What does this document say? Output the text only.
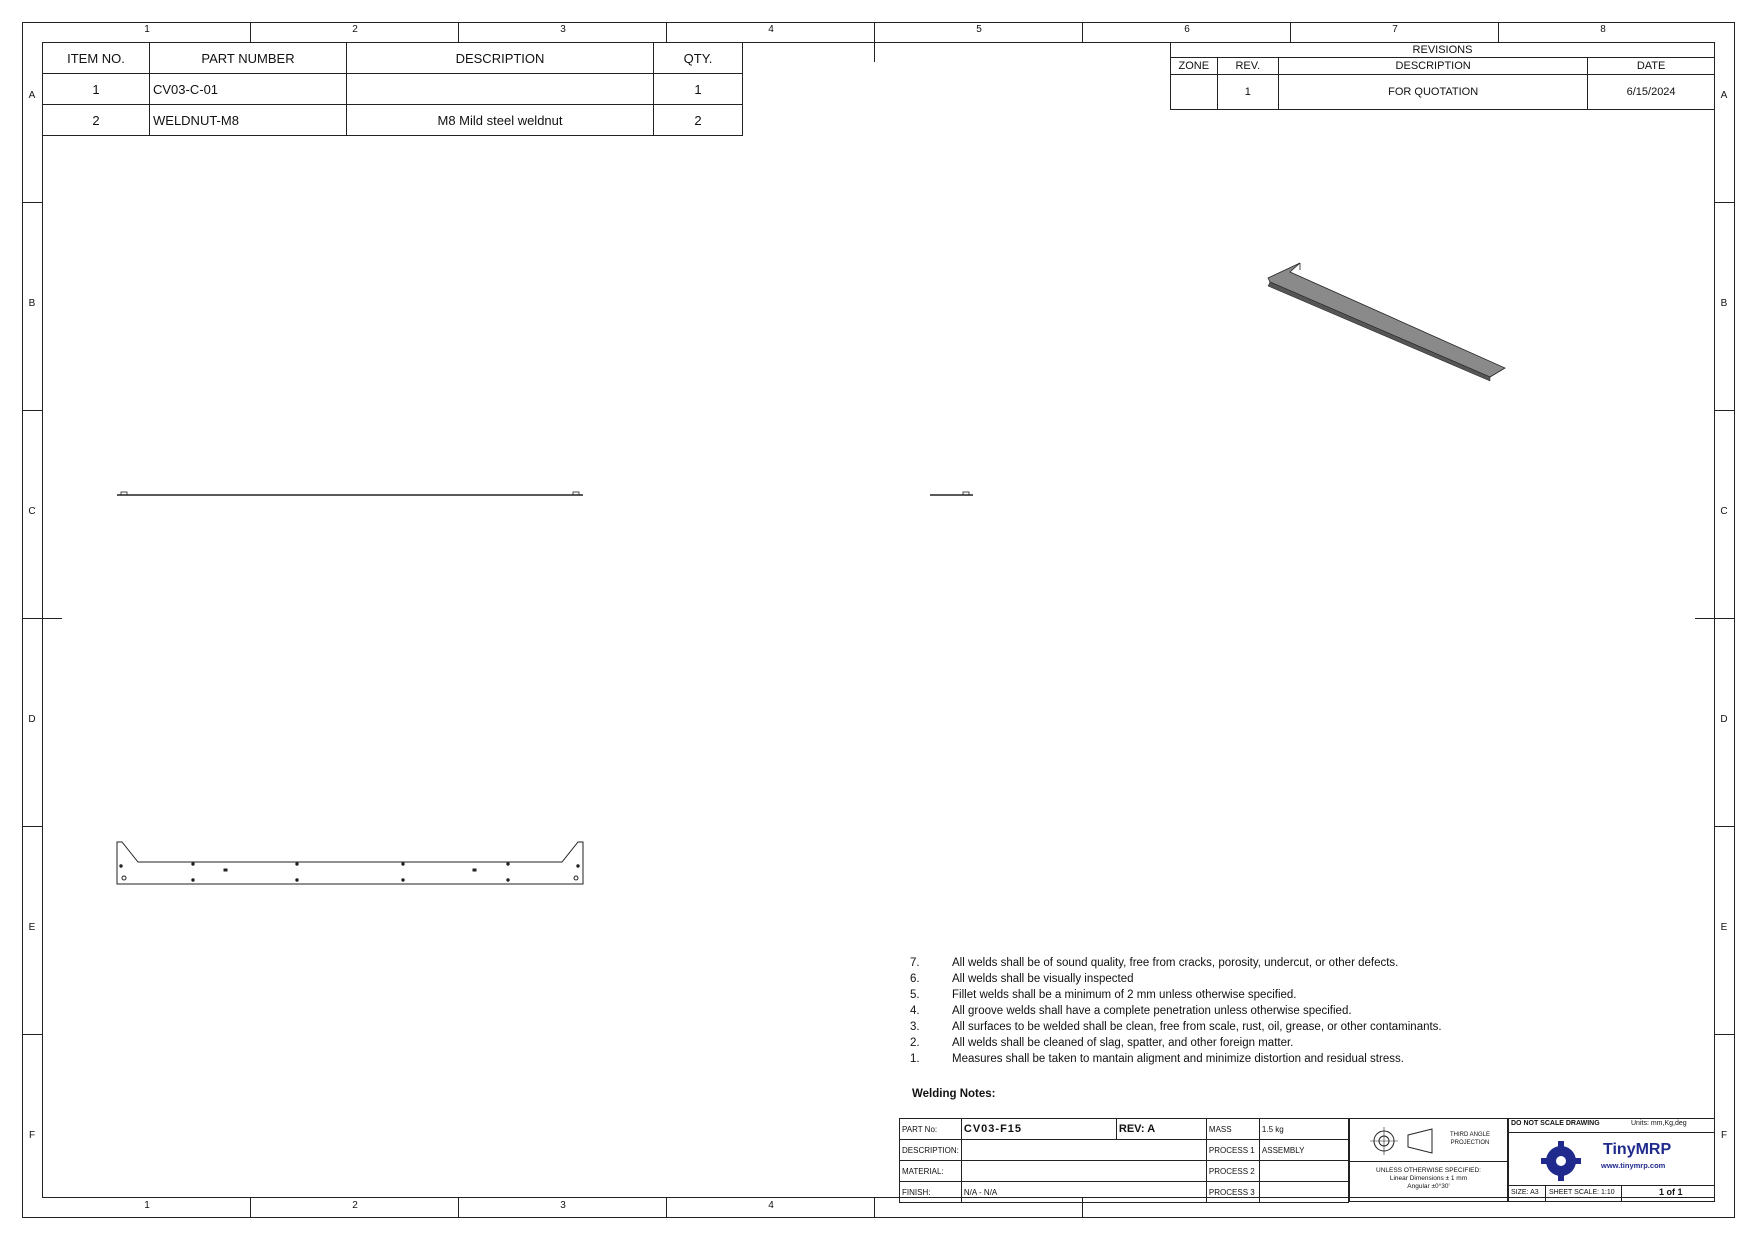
1	2	3	4	5	6	7	8
1	2	3	4
A
B
C
D
E
F
A
B
C
D
E
F
ITEM NO.	PART NUMBER	DESCRIPTION	QTY.
1	CV03-C-01		1
2	WELDNUT-M8	M8 Mild steel weldnut	2
REVISIONS			
ZONE	REV.	DESCRIPTION	DATE
	1	FOR QUOTATION	6/15/2024
7.	All welds shall be of sound quality, free from cracks, porosity, undercut, or other defects.
6.	All welds shall be visually inspected
5.	Fillet welds shall be a minimum of 2 mm unless otherwise specified.
4.	All groove welds shall have a complete penetration unless otherwise specified.
3.	All surfaces to be welded shall be clean, free from scale, rust, oil, grease, or other contaminants.
2.	All welds shall be cleaned of slag, spatter, and other foreign matter.
1.	Measures shall be taken to mantain aligment and minimize distortion and residual stress.
Welding Notes:
PART No:	CV03-F15	REV: A	MASS	1.5 kg
DESCRIPTION:			PROCESS 1	ASSEMBLY
MATERIAL:			PROCESS 2	
FINISH:	N/A - N/A		PROCESS 3	
THIRD ANGLE
PROJECTION
UNLESS OTHERWISE SPECIFIED:
Linear Dimensions ± 1 mm
Angular ±0°30'
DO NOT SCALE DRAWING	Units: mm,Kg,deg
TinyMRP
www.tinymrp.com
SIZE: A3 SHEET SCALE: 1:10	1 of 1
